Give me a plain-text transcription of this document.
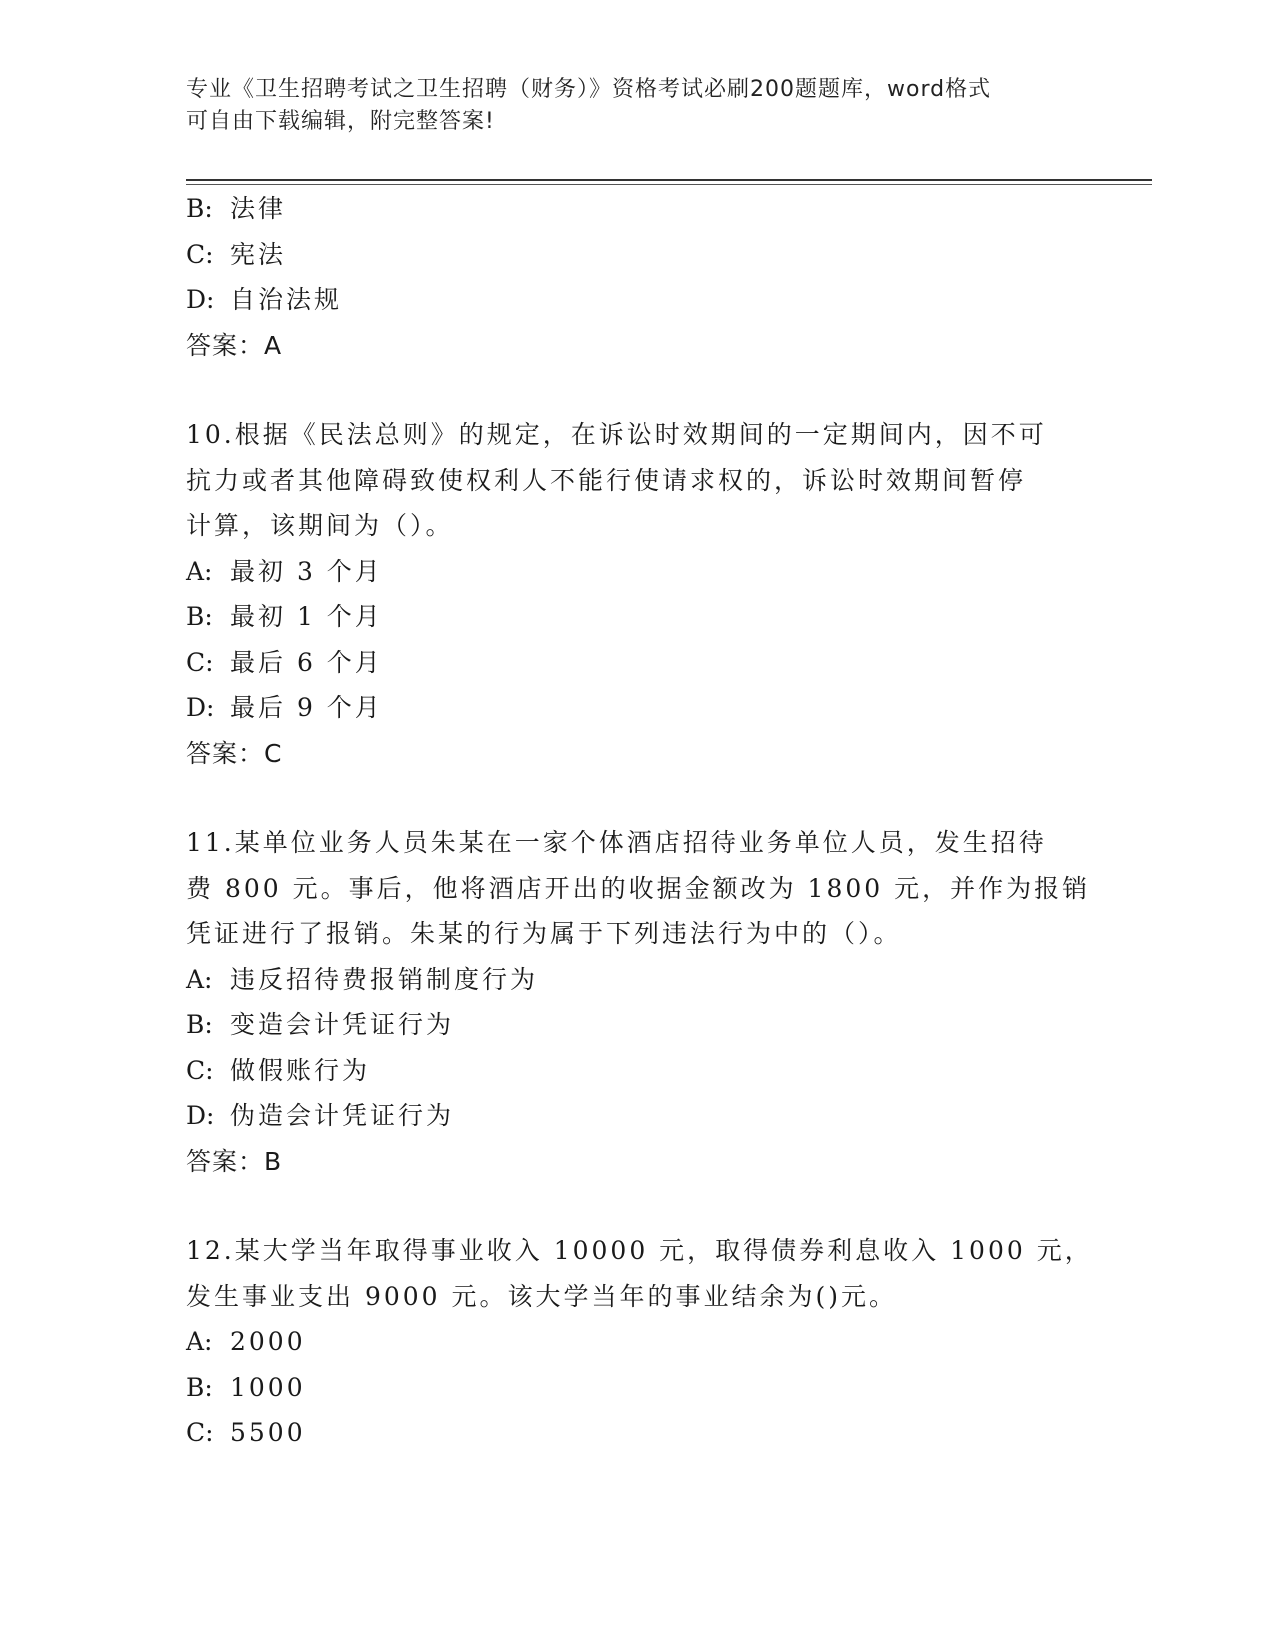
专业《卫生招聘考试之卫生招聘（财务）》资格考试必刷200题题库，word格式
可自由下载编辑，附完整答案!
B: 法律
C: 宪法
D: 自治法规
答案：A
10.根据《民法总则》的规定，在诉讼时效期间的一定期间内，因不可
抗力或者其他障碍致使权利人不能行使请求权的，诉讼时效期间暂停
计算，该期间为（）。
A: 最初 3 个月
B: 最初 1 个月
C: 最后 6 个月
D: 最后 9 个月
答案：C
11.某单位业务人员朱某在一家个体酒店招待业务单位人员，发生招待
费 800 元。事后，他将酒店开出的收据金额改为 1800 元，并作为报销
凭证进行了报销。朱某的行为属于下列违法行为中的（）。
A: 违反招待费报销制度行为
B: 变造会计凭证行为
C: 做假账行为
D: 伪造会计凭证行为
答案：B
12.某大学当年取得事业收入 10000 元，取得债券利息收入 1000 元，
发生事业支出 9000 元。该大学当年的事业结余为()元。
A: 2000
B: 1000
C: 5500
